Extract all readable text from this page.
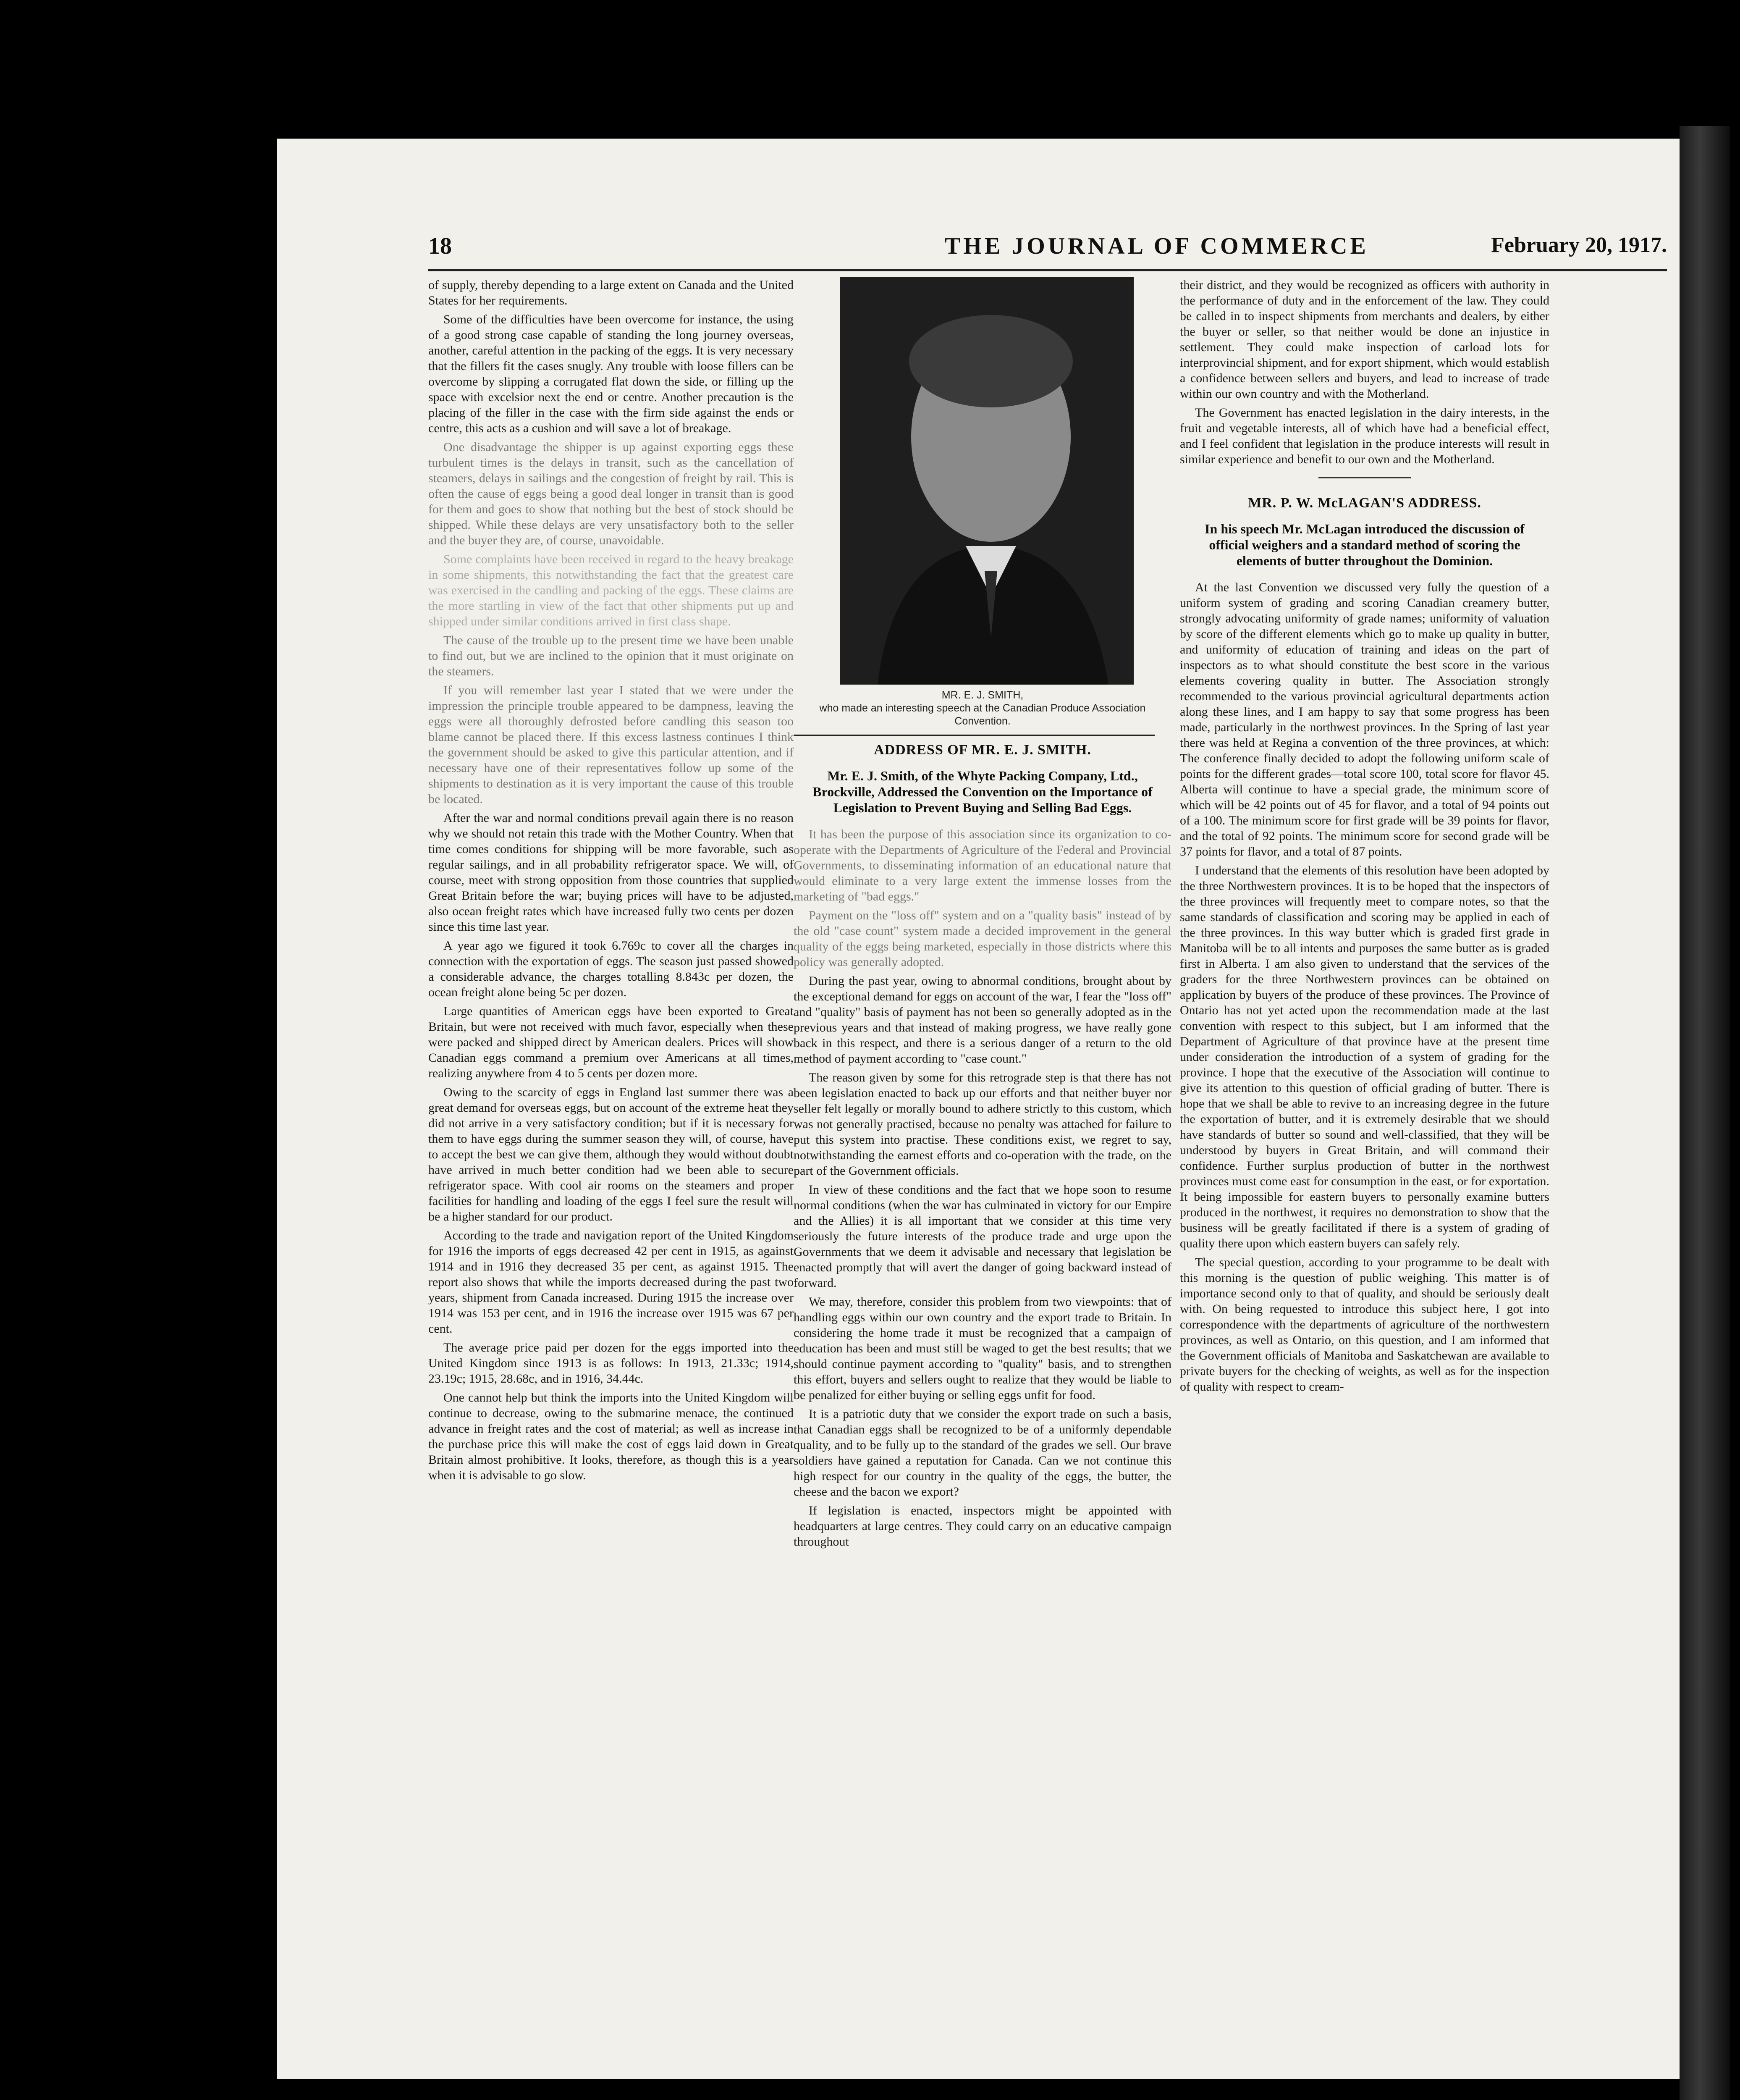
18	THE JOURNAL OF COMMERCE	February 20, 1917.

of supply, thereby depending to a large extent on Canada and the United States for her requirements.

Some of the difficulties have been overcome for instance, the using of a good strong case capable of standing the long journey overseas, another, careful attention in the packing of the eggs. It is very necessary that the fillers fit the cases snugly. Any trouble with loose fillers can be overcome by slipping a corrugated flat down the side, or filling up the space with excelsior next the end or centre. Another precaution is the placing of the filler in the case with the firm side against the ends or centre, this acts as a cushion and will save a lot of breakage.

One disadvantage the shipper is up against exporting eggs these turbulent times is the delays in transit, such as the cancellation of steamers, delays in sailings and the congestion of freight by rail. This is often the cause of eggs being a good deal longer in transit than is good for them and goes to show that nothing but the best of stock should be shipped. While these delays are very unsatisfactory both to the seller and the buyer they are, of course, unavoidable.

Some complaints have been received in regard to the heavy breakage in some shipments, this notwithstanding the fact that the greatest care was exercised in the candling and packing of the eggs. These claims are the more startling in view of the fact that other shipments put up and shipped under similar conditions arrived in first class shape.

The cause of the trouble up to the present time we have been unable to find out, but we are inclined to the opinion that it must originate on the steamers.

If you will remember last year I stated that we were under the impression the principle trouble appeared to be dampness, leaving the eggs were all thoroughly defrosted before candling this season too blame cannot be placed there. If this excess lastness continues I think the government should be asked to give this particular attention, and if necessary have one of their representatives follow up some of the shipments to destination as it is very important the cause of this trouble be located.

After the war and normal conditions prevail again there is no reason why we should not retain this trade with the Mother Country. When that time comes conditions for shipping will be more favorable, such as regular sailings, and in all probability refrigerator space. We will, of course, meet with strong opposition from those countries that supplied Great Britain before the war; buying prices will have to be adjusted, also ocean freight rates which have increased fully two cents per dozen since this time last year.

A year ago we figured it took 6.769c to cover all the charges in connection with the exportation of eggs. The season just passed showed a considerable advance, the charges totalling 8.843c per dozen, the ocean freight alone being 5c per dozen.

Large quantities of American eggs have been exported to Great Britain, but were not received with much favor, especially when these were packed and shipped direct by American dealers. Prices will show Canadian eggs command a premium over Americans at all times, realizing anywhere from 4 to 5 cents per dozen more.

Owing to the scarcity of eggs in England last summer there was a great demand for overseas eggs, but on account of the extreme heat they did not arrive in a very satisfactory condition; but if it is necessary for them to have eggs during the summer season they will, of course, have to accept the best we can give them, although they would without doubt have arrived in much better condition had we been able to secure refrigerator space. With cool air rooms on the steamers and proper facilities for handling and loading of the eggs I feel sure the result will be a higher standard for our product.

According to the trade and navigation report of the United Kingdom for 1916 the imports of eggs decreased 42 per cent in 1915, as against 1914 and in 1916 they decreased 35 per cent, as against 1915. The report also shows that while the imports decreased during the past two years, shipment from Canada increased. During 1915 the increase over 1914 was 153 per cent, and in 1916 the increase over 1915 was 67 per cent.

The average price paid per dozen for the eggs imported into the United Kingdom since 1913 is as follows: In 1913, 21.33c; 1914, 23.19c; 1915, 28.68c, and in 1916, 34.44c.

One cannot help but think the imports into the United Kingdom will continue to decrease, owing to the submarine menace, the continued advance in freight rates and the cost of material; as well as increase in the purchase price this will make the cost of eggs laid down in Great Britain almost prohibitive. It looks, therefore, as though this is a year when it is advisable to go slow.

MR. E. J. SMITH,
who made an interesting speech at the Canadian Produce Association Convention.
ADDRESS OF MR. E. J. SMITH.
Mr. E. J. Smith, of the Whyte Packing Company, Ltd., Brockville, Addressed the Convention on the Importance of Legislation to Prevent Buying and Selling Bad Eggs.

It has been the purpose of this association since its organization to co-operate with the Departments of Agriculture of the Federal and Provincial Governments, to disseminating information of an educational nature that would eliminate to a very large extent the immense losses from the marketing of "bad eggs."

Payment on the "loss off" system and on a "quality basis" instead of by the old "case count" system made a decided improvement in the general quality of the eggs being marketed, especially in those districts where this policy was generally adopted.

During the past year, owing to abnormal conditions, brought about by the exceptional demand for eggs on account of the war, I fear the "loss off" and "quality" basis of payment has not been so generally adopted as in the previous years and that instead of making progress, we have really gone back in this respect, and there is a serious danger of a return to the old method of payment according to "case count."

The reason given by some for this retrograde step is that there has not been legislation enacted to back up our efforts and that neither buyer nor seller felt legally or morally bound to adhere strictly to this custom, which was not generally practised, because no penalty was attached for failure to put this system into practise. These conditions exist, we regret to say, notwithstanding the earnest efforts and co-operation with the trade, on the part of the Government officials.

In view of these conditions and the fact that we hope soon to resume normal conditions (when the war has culminated in victory for our Empire and the Allies) it is all important that we consider at this time very seriously the future interests of the produce trade and urge upon the Governments that we deem it advisable and necessary that legislation be enacted promptly that will avert the danger of going backward instead of forward.

We may, therefore, consider this problem from two viewpoints: that of handling eggs within our own country and the export trade to Britain. In considering the home trade it must be recognized that a campaign of education has been and must still be waged to get the best results; that we should continue payment according to "quality" basis, and to strengthen this effort, buyers and sellers ought to realize that they would be liable to be penalized for either buying or selling eggs unfit for food.

It is a patriotic duty that we consider the export trade on such a basis, that Canadian eggs shall be recognized to be of a uniformly dependable quality, and to be fully up to the standard of the grades we sell. Our brave soldiers have gained a reputation for Canada. Can we not continue this high respect for our country in the quality of the eggs, the butter, the cheese and the bacon we export?

If legislation is enacted, inspectors might be appointed with headquarters at large centres. They could carry on an educative campaign throughout

their district, and they would be recognized as officers with authority in the performance of duty and in the enforcement of the law. They could be called in to inspect shipments from merchants and dealers, by either the buyer or seller, so that neither would be done an injustice in settlement. They could make inspection of carload lots for interprovincial shipment, and for export shipment, which would establish a confidence between sellers and buyers, and lead to increase of trade within our own country and with the Motherland.

The Government has enacted legislation in the dairy interests, in the fruit and vegetable interests, all of which have had a beneficial effect, and I feel confident that legislation in the produce interests will result in similar experience and benefit to our own and the Motherland.

MR. P. W. McLAGAN'S ADDRESS.
In his speech Mr. McLagan introduced the discussion of official weighers and a standard method of scoring the elements of butter throughout the Dominion.

At the last Convention we discussed very fully the question of a uniform system of grading and scoring Canadian creamery butter, strongly advocating uniformity of grade names; uniformity of valuation by score of the different elements which go to make up quality in butter, and uniformity of education of training and ideas on the part of inspectors as to what should constitute the best score in the various elements covering quality in butter. The Association strongly recommended to the various provincial agricultural departments action along these lines, and I am happy to say that some progress has been made, particularly in the northwest provinces. In the Spring of last year there was held at Regina a convention of the three provinces, at which: The conference finally decided to adopt the following uniform scale of points for the different grades—total score 100, total score for flavor 45. Alberta will continue to have a special grade, the minimum score of which will be 42 points out of 45 for flavor, and a total of 94 points out of a 100. The minimum score for first grade will be 39 points for flavor, and the total of 92 points. The minimum score for second grade will be 37 points for flavor, and a total of 87 points.

I understand that the elements of this resolution have been adopted by the three Northwestern provinces. It is to be hoped that the inspectors of the three provinces will frequently meet to compare notes, so that the same standards of classification and scoring may be applied in each of the three provinces. In this way butter which is graded first grade in Manitoba will be to all intents and purposes the same butter as is graded first in Alberta. I am also given to understand that the services of the graders for the three Northwestern provinces can be obtained on application by buyers of the produce of these provinces. The Province of Ontario has not yet acted upon the recommendation made at the last convention with respect to this subject, but I am informed that the Department of Agriculture of that province have at the present time under consideration the introduction of a system of grading for the province. I hope that the executive of the Association will continue to give its attention to this question of official grading of butter. There is hope that we shall be able to revive to an increasing degree in the future the exportation of butter, and it is extremely desirable that we should have standards of butter so sound and well-classified, that they will be understood by buyers in Great Britain, and will command their confidence. Further surplus production of butter in the northwest provinces must come east for consumption in the east, or for exportation. It being impossible for eastern buyers to personally examine butters produced in the northwest, it requires no demonstration to show that the business will be greatly facilitated if there is a system of grading of quality there upon which eastern buyers can safely rely.

The special question, according to your programme to be dealt with this morning is the question of public weighing. This matter is of importance second only to that of quality, and should be seriously dealt with. On being requested to introduce this subject here, I got into correspondence with the departments of agriculture of the northwestern provinces, as well as Ontario, on this question, and I am informed that the Government officials of Manitoba and Saskatchewan are available to private buyers for the checking of weights, as well as for the inspection of quality with respect to cream-
